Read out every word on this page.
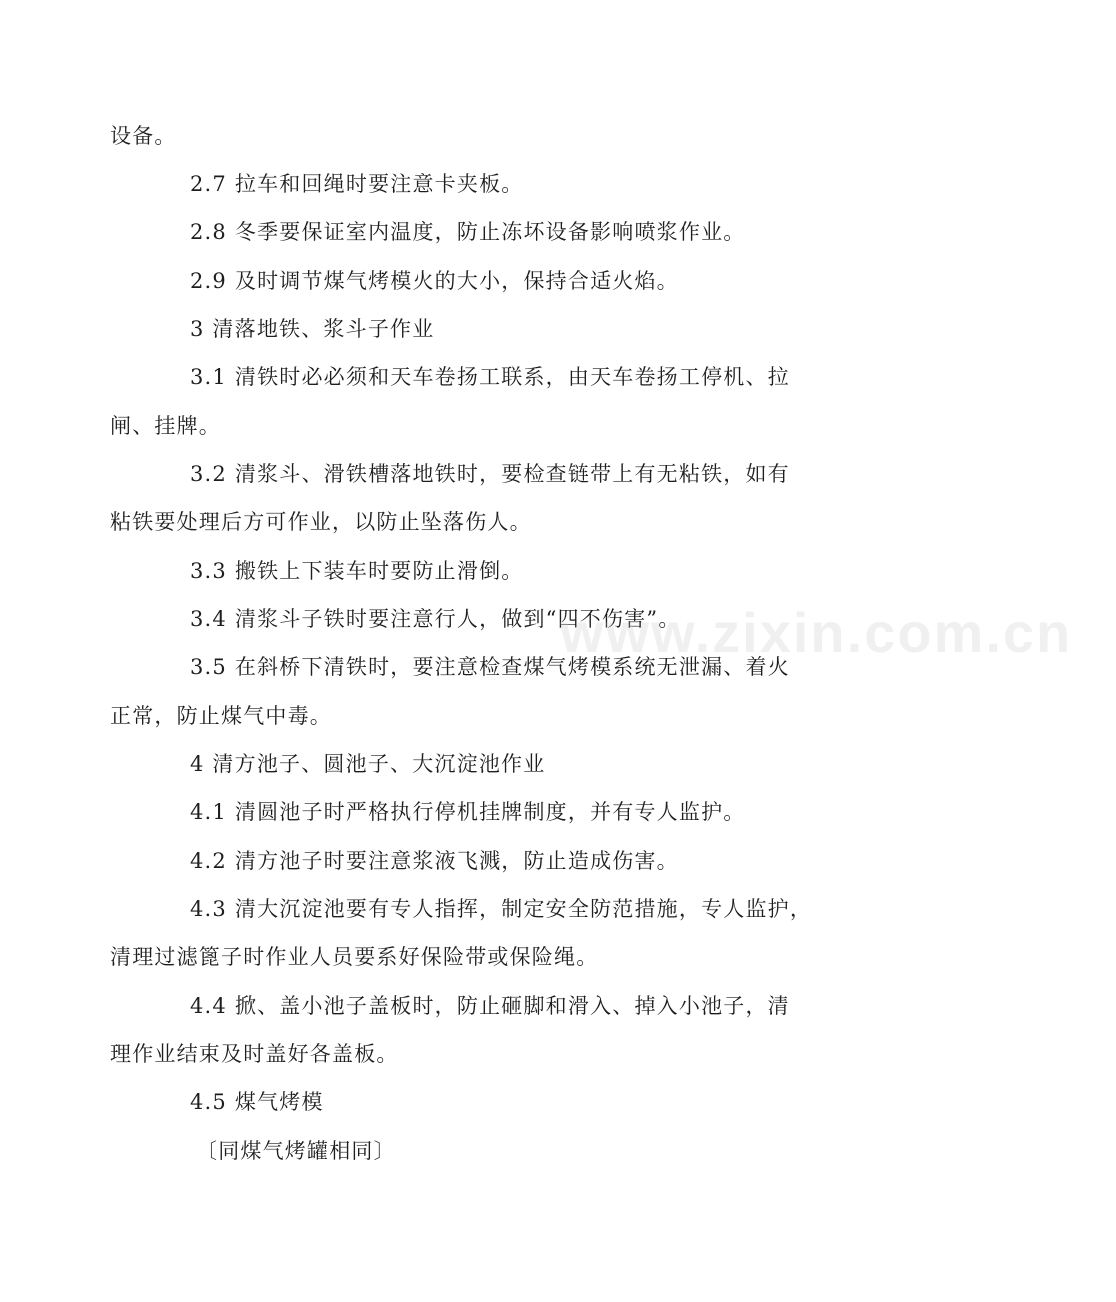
设备。
2.7 拉车和回绳时要注意卡夹板。
2.8 冬季要保证室内温度，防止冻坏设备影响喷浆作业。
2.9 及时调节煤气烤模火的大小，保持合适火焰。
3 清落地铁、浆斗子作业
3.1 清铁时必必须和天车卷扬工联系，由天车卷扬工停机、拉
闸、挂牌。
3.2 清浆斗、滑铁槽落地铁时，要检查链带上有无粘铁，如有
粘铁要处理后方可作业，以防止坠落伤人。
3.3 搬铁上下装车时要防止滑倒。
3.4 清浆斗子铁时要注意行人，做到“四不伤害”。
3.5 在斜桥下清铁时，要注意检查煤气烤模系统无泄漏、着火
正常，防止煤气中毒。
4 清方池子、圆池子、大沉淀池作业
4.1 清圆池子时严格执行停机挂牌制度，并有专人监护。
4.2 清方池子时要注意浆液飞溅，防止造成伤害。
4.3 清大沉淀池要有专人指挥，制定安全防范措施，专人监护，
清理过滤篦子时作业人员要系好保险带或保险绳。
4.4 掀、盖小池子盖板时，防止砸脚和滑入、掉入小池子，清
理作业结束及时盖好各盖板。
4.5 煤气烤模
〔同煤气烤罐相同〕
www.zixin.com.cn
